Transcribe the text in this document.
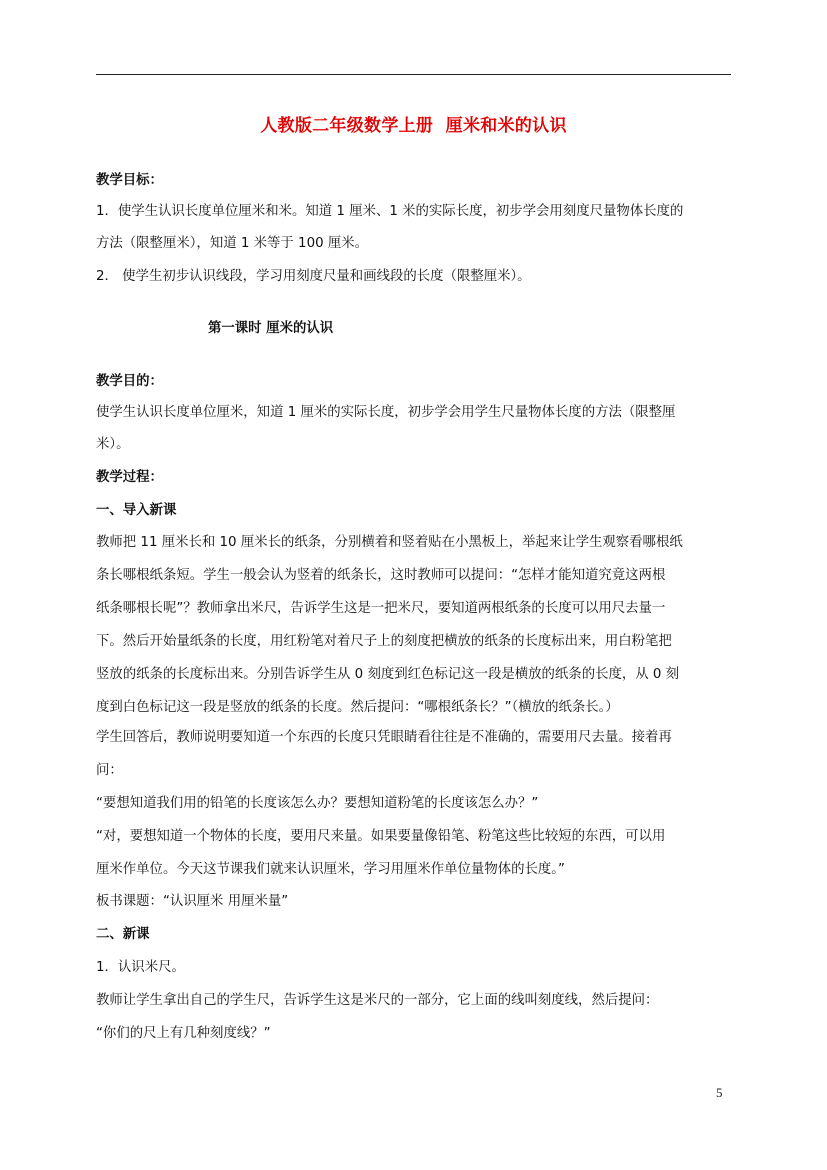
人教版二年级数学上册  厘米和米的认识
教学目标：
1．使学生认识长度单位厘米和米。知道 1 厘米、1 米的实际长度，初步学会用刻度尺量物体长度的
方法（限整厘米），知道 1 米等于 100 厘米。
2． 使学生初步认识线段，学习用刻度尺量和画线段的长度（限整厘米）。
第一课时 厘米的认识
教学目的：
使学生认识长度单位厘米，知道 1 厘米的实际长度，初步学会用学生尺量物体长度的方法（限整厘
米）。
教学过程：
一、导入新课
教师把 11 厘米长和 10 厘米长的纸条，分别横着和竖着贴在小黑板上，举起来让学生观察看哪根纸
条长哪根纸条短。学生一般会认为竖着的纸条长，这时教师可以提问：“怎样才能知道究竟这两根
纸条哪根长呢”？教师拿出米尺，告诉学生这是一把米尺，要知道两根纸条的长度可以用尺去量一
下。然后开始量纸条的长度，用红粉笔对着尺子上的刻度把横放的纸条的长度标出来，用白粉笔把
竖放的纸条的长度标出来。分别告诉学生从 0 刻度到红色标记这一段是横放的纸条的长度，从 0 刻
度到白色标记这一段是竖放的纸条的长度。然后提问：“哪根纸条长？”（横放的纸条长。）
学生回答后，教师说明要知道一个东西的长度只凭眼睛看往往是不准确的，需要用尺去量。接着再
问：
“要想知道我们用的铅笔的长度该怎么办？要想知道粉笔的长度该怎么办？”
“对，要想知道一个物体的长度，要用尺来量。如果要量像铅笔、粉笔这些比较短的东西，可以用
厘米作单位。今天这节课我们就来认识厘米，学习用厘米作单位量物体的长度。”
板书课题：“认识厘米 用厘米量”
二、新课
1．认识米尺。
教师让学生拿出自己的学生尺，告诉学生这是米尺的一部分，它上面的线叫刻度线，然后提问：
“你们的尺上有几种刻度线？”
5
